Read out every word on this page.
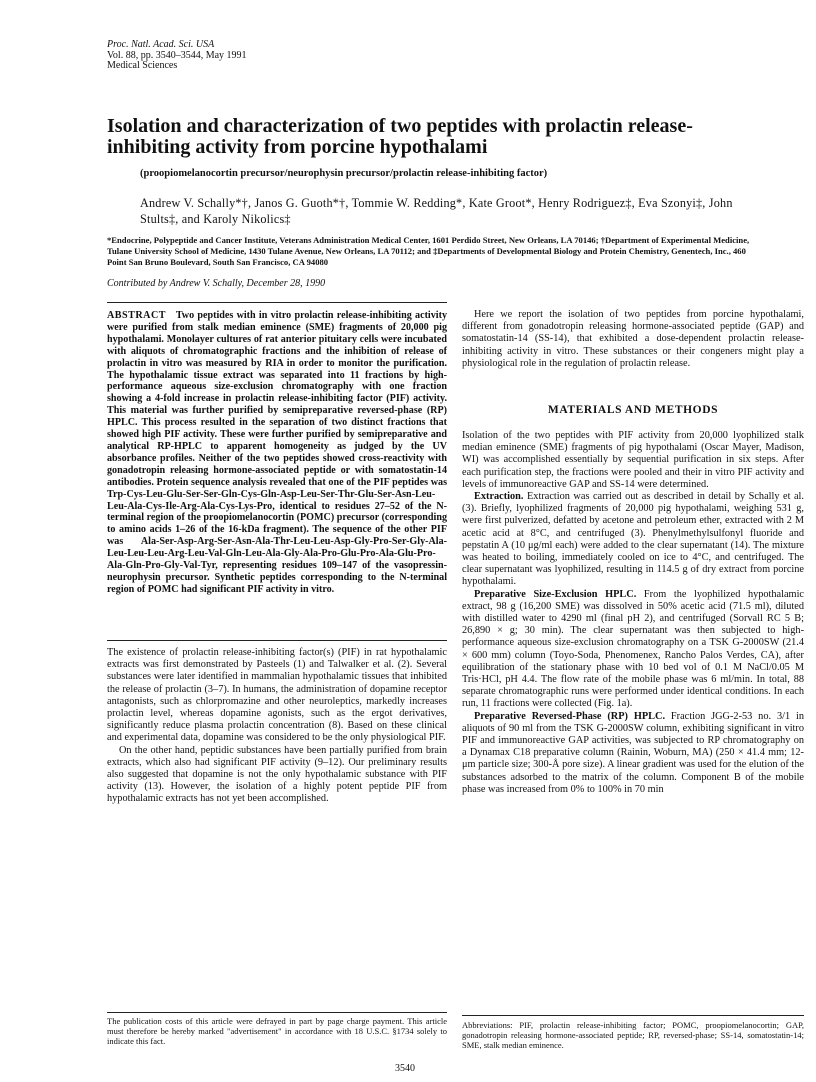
Proc. Natl. Acad. Sci. USA
Vol. 88, pp. 3540–3544, May 1991
Medical Sciences
Isolation and characterization of two peptides with prolactin release-inhibiting activity from porcine hypothalami
(proopiomelanocortin precursor/neurophysin precursor/prolactin release-inhibiting factor)
Andrew V. Schally*†, Janos G. Guoth*†, Tommie W. Redding*, Kate Groot*, Henry Rodriguez‡, Eva Szonyi‡, John Stults‡, and Karoly Nikolics‡
*Endocrine, Polypeptide and Cancer Institute, Veterans Administration Medical Center, 1601 Perdido Street, New Orleans, LA 70146; †Department of Experimental Medicine, Tulane University School of Medicine, 1430 Tulane Avenue, New Orleans, LA 70112; and ‡Departments of Developmental Biology and Protein Chemistry, Genentech, Inc., 460 Point San Bruno Boulevard, South San Francisco, CA 94080
Contributed by Andrew V. Schally, December 28, 1990

ABSTRACT Two peptides with in vitro prolactin release-inhibiting activity were purified from stalk median eminence (SME) fragments of 20,000 pig hypothalami. Monolayer cultures of rat anterior pituitary cells were incubated with aliquots of chromatographic fractions and the inhibition of release of prolactin in vitro was measured by RIA in order to monitor the purification. The hypothalamic tissue extract was separated into 11 fractions by high-performance aqueous size-exclusion chromatography with one fraction showing a 4-fold increase in prolactin release-inhibiting factor (PIF) activity. This material was further purified by semipreparative reversed-phase (RP) HPLC. This process resulted in the separation of two distinct fractions that showed high PIF activity. These were further purified by semipreparative and analytical RP-HPLC to apparent homogeneity as judged by the UV absorbance profiles. Neither of the two peptides showed cross-reactivity with gonadotropin releasing hormone-associated peptide or with somatostatin-14 antibodies. Protein sequence analysis revealed that one of the PIF peptides was Trp-Cys-Leu-Glu-Ser-Ser-Gln-Cys-Gln-Asp-Leu-Ser-Thr-Glu-Ser-Asn-Leu-Leu-Ala-Cys-Ile-Arg-Ala-Cys-Lys-Pro, identical to residues 27–52 of the N-terminal region of the proopiomelanocortin (POMC) precursor (corresponding to amino acids 1–26 of the 16-kDa fragment). The sequence of the other PIF was Ala-Ser-Asp-Arg-Ser-Asn-Ala-Thr-Leu-Leu-Asp-Gly-Pro-Ser-Gly-Ala-Leu-Leu-Leu-Arg-Leu-Val-Gln-Leu-Ala-Gly-Ala-Pro-Glu-Pro-Ala-Glu-Pro-Ala-Gln-Pro-Gly-Val-Tyr, representing residues 109–147 of the vasopressin-neurophysin precursor. Synthetic peptides corresponding to the N-terminal region of POMC had significant PIF activity in vitro.

The existence of prolactin release-inhibiting factor(s) (PIF) in rat hypothalamic extracts was first demonstrated by Pasteels (1) and Talwalker et al. (2). Several substances were later identified in mammalian hypothalamic tissues that inhibited the release of prolactin (3–7). In humans, the administration of dopamine receptor antagonists, such as chlorpromazine and other neuroleptics, markedly increases prolactin level, whereas dopamine agonists, such as the ergot derivatives, significantly reduce plasma prolactin concentration (8). Based on these clinical and experimental data, dopamine was considered to be the only physiological PIF.

On the other hand, peptidic substances have been partially purified from brain extracts, which also had significant PIF activity (9–12). Our preliminary results also suggested that dopamine is not the only hypothalamic substance with PIF activity (13). However, the isolation of a highly potent peptide PIF from hypothalamic extracts has not yet been accomplished.

The publication costs of this article were defrayed in part by page charge payment. This article must therefore be hereby marked "advertisement" in accordance with 18 U.S.C. §1734 solely to indicate this fact.

Here we report the isolation of two peptides from porcine hypothalami, different from gonadotropin releasing hormone-associated peptide (GAP) and somatostatin-14 (SS-14), that exhibited a dose-dependent prolactin release-inhibiting activity in vitro. These substances or their congeners might play a physiological role in the regulation of prolactin release.

MATERIALS AND METHODS

Isolation of the two peptides with PIF activity from 20,000 lyophilized stalk median eminence (SME) fragments of pig hypothalami (Oscar Mayer, Madison, WI) was accomplished essentially by sequential purification in six steps. After each purification step, the fractions were pooled and their in vitro PIF activity and levels of immunoreactive GAP and SS-14 were determined.

Extraction. Extraction was carried out as described in detail by Schally et al. (3). Briefly, lyophilized fragments of 20,000 pig hypothalami, weighing 531 g, were first pulverized, defatted by acetone and petroleum ether, extracted with 2 M acetic acid at 8°C, and centrifuged (3). Phenylmethylsulfonyl fluoride and pepstatin A (10 μg/ml each) were added to the clear supernatant (14). The mixture was heated to boiling, immediately cooled on ice to 4°C, and centrifuged. The clear supernatant was lyophilized, resulting in 114.5 g of dry extract from porcine hypothalami.

Preparative Size-Exclusion HPLC. From the lyophilized hypothalamic extract, 98 g (16,200 SME) was dissolved in 50% acetic acid (71.5 ml), diluted with distilled water to 4290 ml (final pH 2), and centrifuged (Sorvall RC 5 B; 26,890 × g; 30 min). The clear supernatant was then subjected to high-performance aqueous size-exclusion chromatography on a TSK G-2000SW (21.4 × 600 mm) column (Toyo-Soda, Phenomenex, Rancho Palos Verdes, CA), after equilibration of the stationary phase with 10 bed vol of 0.1 M NaCl/0.05 M Tris·HCl, pH 4.4. The flow rate of the mobile phase was 6 ml/min. In total, 88 separate chromatographic runs were performed under identical conditions. In each run, 11 fractions were collected (Fig. 1a).

Preparative Reversed-Phase (RP) HPLC. Fraction JGG-2-53 no. 3/1 in aliquots of 90 ml from the TSK G-2000SW column, exhibiting significant in vitro PIF and immunoreactive GAP activities, was subjected to RP chromatography on a Dynamax C18 preparative column (Rainin, Woburn, MA) (250 × 41.4 mm; 12-μm particle size; 300-Å pore size). A linear gradient was used for the elution of the substances adsorbed to the matrix of the column. Component B of the mobile phase was increased from 0% to 100% in 70 min

Abbreviations: PIF, prolactin release-inhibiting factor; POMC, proopiomelanocortin; GAP, gonadotropin releasing hormone-associated peptide; RP, reversed-phase; SS-14, somatostatin-14; SME, stalk median eminence.
3540
